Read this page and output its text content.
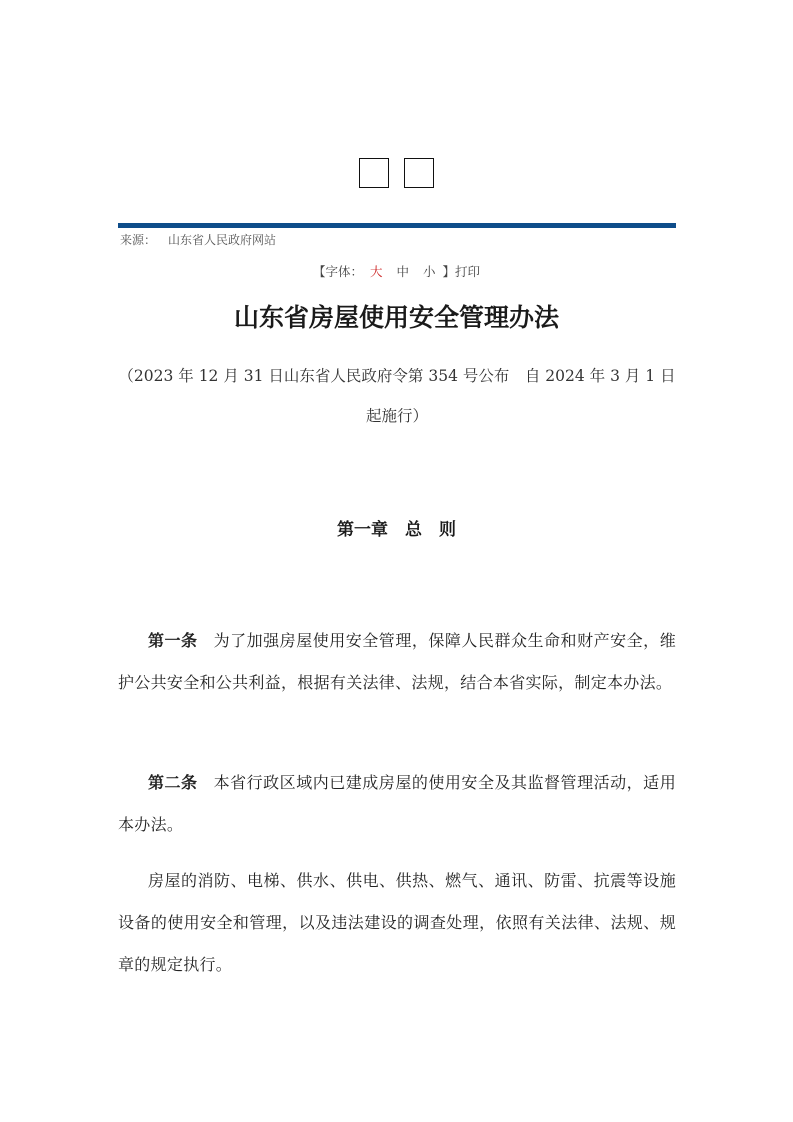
来源： 山东省人民政府网站
【字体： 大 中 小 】打印
山东省房屋使用安全管理办法

（2023 年 12 月 31 日山东省人民政府令第 354 号公布　自 2024 年 3 月 1 日起施行）

第一章　总　则

第一条 为了加强房屋使用安全管理，保障人民群众生命和财产安全，维护公共安全和公共利益，根据有关法律、法规，结合本省实际，制定本办法。

第二条 本省行政区域内已建成房屋的使用安全及其监督管理活动，适用本办法。

房屋的消防、电梯、供水、供电、供热、燃气、通讯、防雷、抗震等设施设备的使用安全和管理，以及违法建设的调查处理，依照有关法律、法规、规章的规定执行。
